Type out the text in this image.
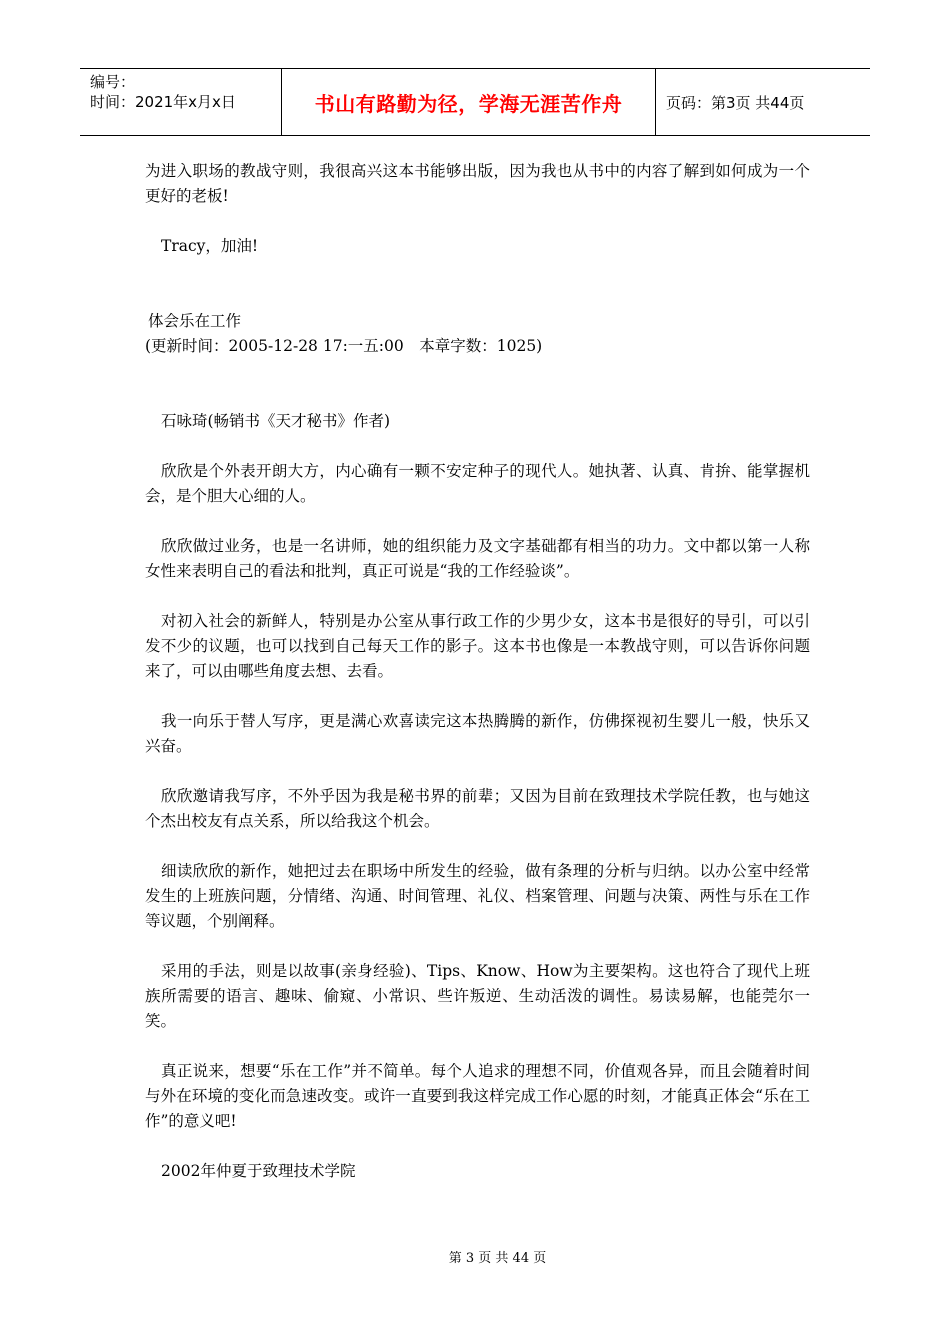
编号：
时间：2021年x月x日	书山有路勤为径，学海无涯苦作舟	页码：第3页 共44页

为进入职场的教战守则，我很高兴这本书能够出版，因为我也从书中的内容了解到如何成为一个更好的老板!

Tracy，加油!

体会乐在工作

(更新时间：2005-12-28 17:一五:00　本章字数：1025)

石咏琦(畅销书《天才秘书》作者)

欣欣是个外表开朗大方，内心确有一颗不安定种子的现代人。她执著、认真、肯拚、能掌握机会，是个胆大心细的人。

欣欣做过业务，也是一名讲师，她的组织能力及文字基础都有相当的功力。文中都以第一人称女性来表明自己的看法和批判，真正可说是“我的工作经验谈”。

对初入社会的新鲜人，特别是办公室从事行政工作的少男少女，这本书是很好的导引，可以引发不少的议题，也可以找到自己每天工作的影子。这本书也像是一本教战守则，可以告诉你问题来了，可以由哪些角度去想、去看。

我一向乐于替人写序，更是满心欢喜读完这本热腾腾的新作，仿佛探视初生婴儿一般，快乐又兴奋。

欣欣邀请我写序，不外乎因为我是秘书界的前辈；又因为目前在致理技术学院任教，也与她这个杰出校友有点关系，所以给我这个机会。

细读欣欣的新作，她把过去在职场中所发生的经验，做有条理的分析与归纳。以办公室中经常发生的上班族问题，分情绪、沟通、时间管理、礼仪、档案管理、问题与决策、两性与乐在工作等议题，个别阐释。

采用的手法，则是以故事(亲身经验)、Tips、Know、How为主要架构。这也符合了现代上班族所需要的语言、趣味、偷窥、小常识、些许叛逆、生动活泼的调性。易读易解，也能莞尔一笑。

真正说来，想要“乐在工作”并不简单。每个人追求的理想不同，价值观各异，而且会随着时间与外在环境的变化而急速改变。或许一直要到我这样完成工作心愿的时刻，才能真正体会“乐在工作”的意义吧!

2002年仲夏于致理技术学院

第 3 页 共 44 页
